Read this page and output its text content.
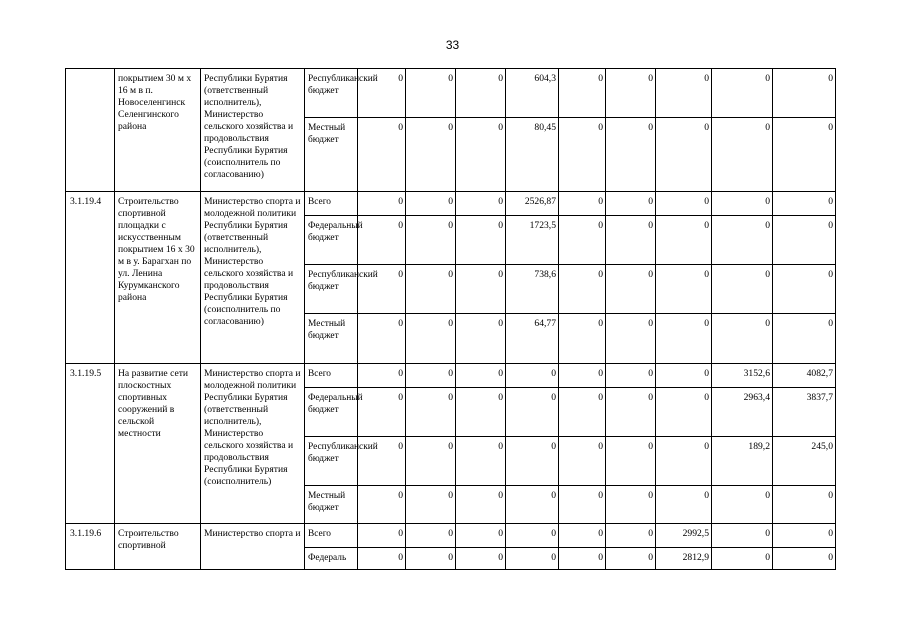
33
	покрытием 30 м х 16 м в п. Новоселенгинск Селенгинского района	Республики Бурятия (ответственный исполнитель), Министерство сельского хозяйства и продовольствия Республики Бурятия (соисполнитель по согласованию)	Республиканский бюджет	0	0	0	604,3	0	0	0	0	0
			Местный бюджет	0	0	0	80,45	0	0	0	0	0
3.1.19.4	Строительство спортивной площадки с искусственным покрытием 16 х 30 м в у. Барагхан по ул. Ленина Курумканского района	Министерство спорта и молодежной политики Республики Бурятия (ответственный исполнитель), Министерство сельского хозяйства и продовольствия Республики Бурятия (соисполнитель по согласованию)	Всего	0	0	0	2526,87	0	0	0	0	0
			Федеральный бюджет	0	0	0	1723,5	0	0	0	0	0
			Республиканский бюджет	0	0	0	738,6	0	0	0	0	0
			Местный бюджет	0	0	0	64,77	0	0	0	0	0
3.1.19.5	На развитие сети плоскостных спортивных сооружений в сельской местности	Министерство спорта и молодежной политики Республики Бурятия (ответственный исполнитель), Министерство сельского хозяйства и продовольствия Республики Бурятия (соисполнитель)	Всего	0	0	0	0	0	0	0	3152,6	4082,7
			Федеральный бюджет	0	0	0	0	0	0	0	2963,4	3837,7
			Республиканский бюджет	0	0	0	0	0	0	0	189,2	245,0
			Местный бюджет	0	0	0	0	0	0	0	0	0
3.1.19.6	Строительство спортивной	Министерство спорта и	Всего	0	0	0	0	0	0	2992,5	0	0
			Федераль	0	0	0	0	0	0	2812,9	0	0
